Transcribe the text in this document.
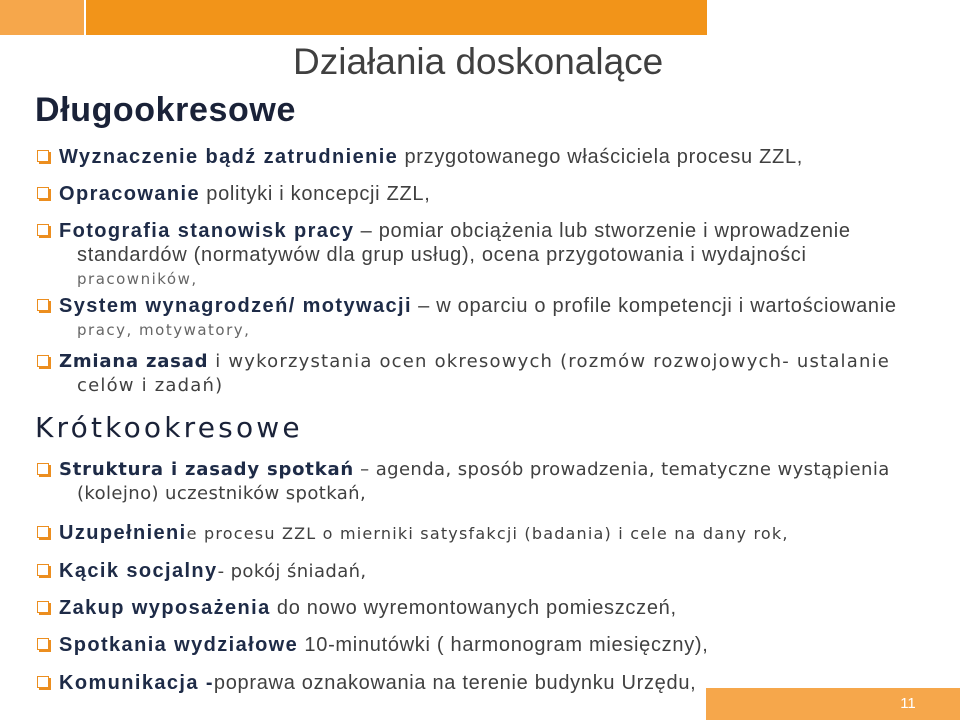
Działania doskonalące
Długookresowe
Wyznaczenie bądź zatrudnienie przygotowanego właściciela procesu ZZL,
Opracowanie polityki i koncepcji ZZL,
Fotografia stanowisk pracy – pomiar obciążenia lub stworzenie i wprowadzenie
standardów (normatywów dla grup usług), ocena przygotowania i wydajności
pracowników,
System wynagrodzeń/ motywacji – w oparciu o profile kompetencji i wartościowanie
pracy, motywatory,
Zmiana zasad i wykorzystania ocen okresowych (rozmów rozwojowych- ustalanie
celów i zadań)
Krótkookresowe
Struktura i zasady spotkań – agenda, sposób prowadzenia, tematyczne wystąpienia
(kolejno) uczestników spotkań,
Uzupełnienie procesu ZZL o mierniki satysfakcji (badania) i cele na dany rok,
Kącik socjalny- pokój śniadań,
Zakup wyposażenia do nowo wyremontowanych pomieszczeń,
Spotkania wydziałowe 10-minutówki ( harmonogram miesięczny),
Komunikacja -poprawa oznakowania na terenie budynku Urzędu,
11
